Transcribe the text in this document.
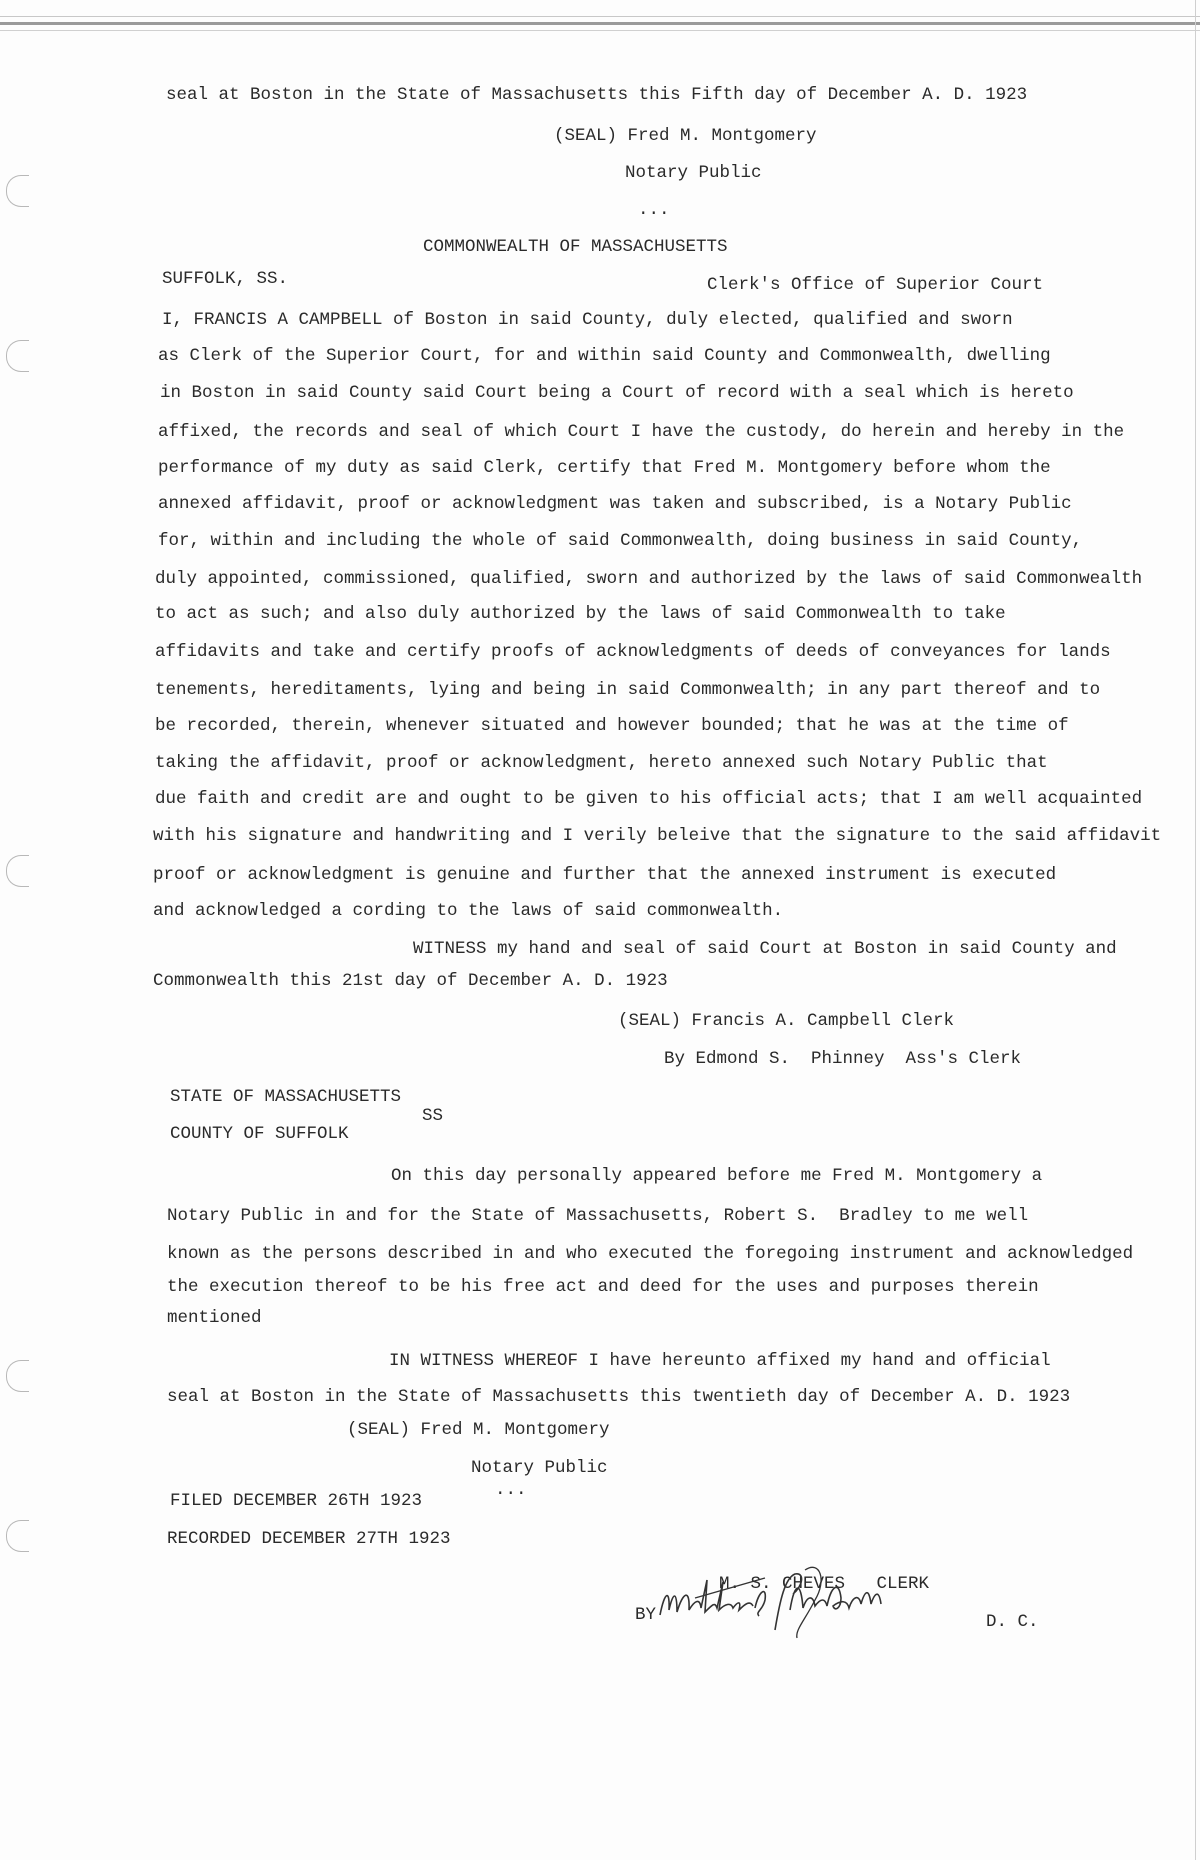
seal at Boston in the State of Massachusetts this Fifth day of December A. D. 1923
(SEAL) Fred M. Montgomery
Notary Public
...
COMMONWEALTH OF MASSACHUSETTS
SUFFOLK, SS.	Clerk's Office of Superior Court
I, FRANCIS A CAMPBELL of Boston in said County, duly elected, qualified and sworn
as Clerk of the Superior Court, for and within said County and Commonwealth, dwelling
in Boston in said County said Court being a Court of record with a seal which is hereto
affixed, the records and seal of which Court I have the custody, do herein and hereby in the
performance of my duty as said Clerk, certify that Fred M. Montgomery before whom the
annexed affidavit, proof or acknowledgment was taken and subscribed, is a Notary Public
for, within and including the whole of said Commonwealth, doing business in said County,
duly appointed, commissioned, qualified, sworn and authorized by the laws of said Commonwealth
to act as such; and also duly authorized by the laws of said Commonwealth to take
affidavits and take and certify proofs of acknowledgments of deeds of conveyances for lands
tenements, hereditaments, lying and being in said Commonwealth; in any part thereof and to
be recorded, therein, whenever situated and however bounded; that he was at the time of
taking the affidavit, proof or acknowledgment, hereto annexed such Notary Public that
due faith and credit are and ought to be given to his official acts; that I am well acquainted
with his signature and handwriting and I verily beleive that the signature to the said affidavit
proof or acknowledgment is genuine and further that the annexed instrument is executed
and acknowledged a cording to the laws of said commonwealth.
WITNESS my hand and seal of said Court at Boston in said County and
Commonwealth this 21st day of December A. D. 1923
(SEAL) Francis A. Campbell Clerk
By Edmond S.  Phinney  Ass's Clerk
STATE OF MASSACHUSETTS
SS
COUNTY OF SUFFOLK
On this day personally appeared before me Fred M. Montgomery a
Notary Public in and for the State of Massachusetts, Robert S.  Bradley to me well
known as the persons described in and who executed the foregoing instrument and acknowledged
the execution thereof to be his free act and deed for the uses and purposes therein
mentioned
IN WITNESS WHEREOF I have hereunto affixed my hand and official
seal at Boston in the State of Massachusetts this twentieth day of December A. D. 1923
(SEAL) Fred M. Montgomery
Notary Public
...
FILED DECEMBER 26TH 1923
RECORDED DECEMBER 27TH 1923
M. S. CHEVES   CLERK
BY	D. C.
